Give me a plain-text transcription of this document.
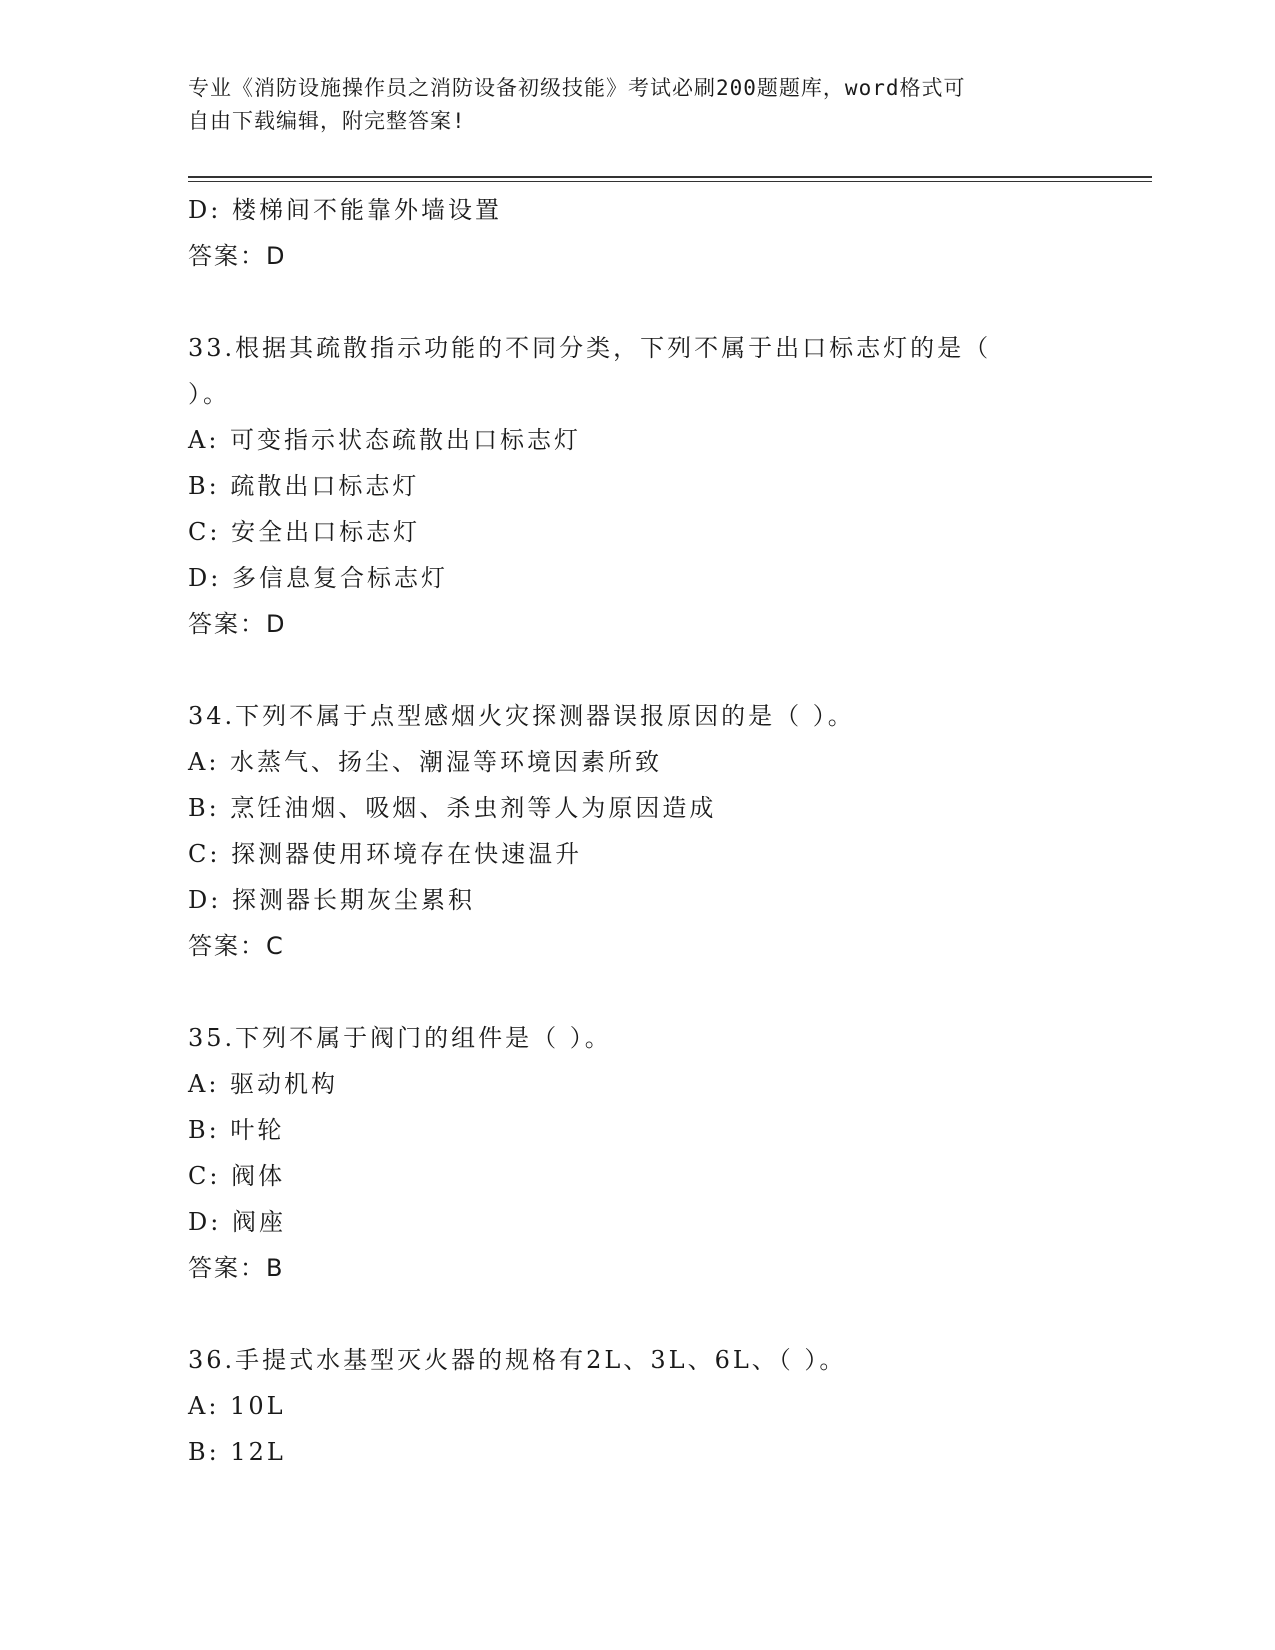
专业《消防设施操作员之消防设备初级技能》考试必刷200题题库，word格式可
自由下载编辑，附完整答案!
D: 楼梯间不能靠外墙设置
答案：D
33.根据其疏散指示功能的不同分类，下列不属于出口标志灯的是（
）。
A: 可变指示状态疏散出口标志灯
B: 疏散出口标志灯
C: 安全出口标志灯
D: 多信息复合标志灯
答案：D
34.下列不属于点型感烟火灾探测器误报原因的是（ ）。
A: 水蒸气、扬尘、潮湿等环境因素所致
B: 烹饪油烟、吸烟、杀虫剂等人为原因造成
C: 探测器使用环境存在快速温升
D: 探测器长期灰尘累积
答案：C
35.下列不属于阀门的组件是（ ）。
A: 驱动机构
B: 叶轮
C: 阀体
D: 阀座
答案：B
36.手提式水基型灭火器的规格有2L、3L、6L、（ ）。
A: 10L
B: 12L
